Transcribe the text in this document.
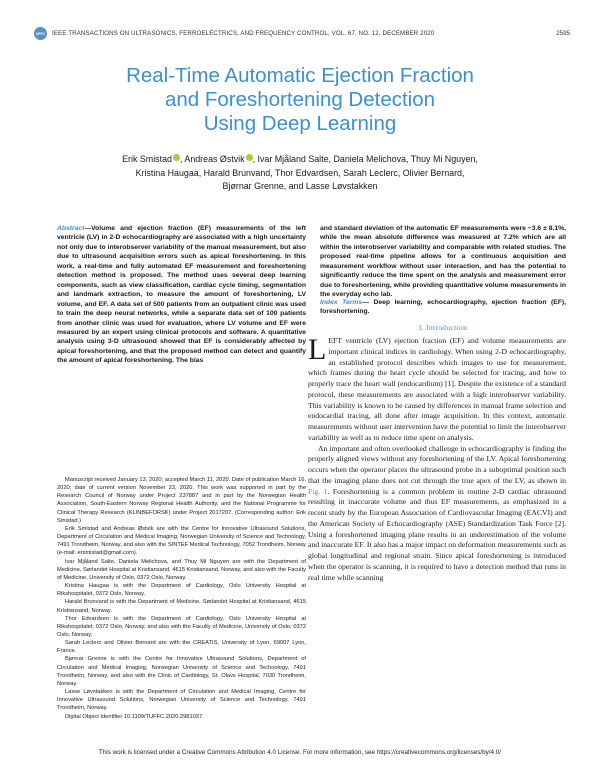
UFFC	IEEE TRANSACTIONS ON ULTRASONICS, FERROELECTRICS, AND FREQUENCY CONTROL, VOL. 67, NO. 12, DECEMBER 2020	2595
Real-Time Automatic Ejection Fraction
and Foreshortening Detection
Using Deep Learning
Erik Smistad , Andreas Østvik , Ivar Mjåland Salte, Daniela Melichova, Thuy Mi Nguyen,
Kristina Haugaa, Harald Brunvand, Thor Edvardsen, Sarah Leclerc, Olivier Bernard,
Bjørnar Grenne, and Lasse Løvstakken
Abstract—Volume and ejection fraction (EF) measurements of the left ventricle (LV) in 2-D echocardiography are associated with a high uncertainty not only due to interobserver variability of the manual measurement, but also due to ultrasound acquisition errors such as apical foreshortening. In this work, a real-time and fully automated EF measurement and foreshortening detection method is proposed. The method uses several deep learning components, such as view classification, cardiac cycle timing, segmentation and landmark extraction, to measure the amount of foreshortening, LV volume, and EF. A data set of 500 patients from an outpatient clinic was used to train the deep neural networks, while a separate data set of 100 patients from another clinic was used for evaluation, where LV volume and EF were measured by an expert using clinical protocols and software. A quantitative analysis using 3-D ultrasound showed that EF is considerably affected by apical foreshortening, and that the proposed method can detect and quantify the amount of apical foreshortening. The bias
and standard deviation of the automatic EF measurements were −3.6 ± 8.1%, while the mean absolute difference was measured at 7.2% which are all within the interobserver variability and comparable with related studies. The proposed real-time pipeline allows for a continuous acquisition and measurement workflow without user interaction, and has the potential to significantly reduce the time spent on the analysis and measurement error due to foreshortening, while providing quantitative volume measurements in the everyday echo lab.
Index Terms— Deep learning, echocardiography, ejection fraction (EF), foreshortening.

Manuscript received January 13, 2020; accepted March 11, 2020. Date of publication March 16, 2020; date of current version November 23, 2020. This work was supported in part by the Research Council of Norway under Project 237887 and in part by the Norwegian Health Association, South-Eastern Norway Regional Health Authority, and the National Programme for Clinical Therapy Research (KLINBEFORSK) under Project 2017207. (Corresponding author: Erik Smistad.)

Erik Smistad and Andreas Østvik are with the Centre for Innovative Ultrasound Solutions, Department of Circulation and Medical Imaging, Norwegian University of Science and Technology, 7491 Trondheim, Norway, and also with the SINTEF Medical Technology, 7052 Trondheim, Norway (e-mail: ersmistad@gmail.com).

Ivar Mjåland Salte, Daniela Melichova, and Thuy Mi Nguyen are with the Department of Medicine, Sørlandet Hospital at Kristiansand, 4615 Kristiansand, Norway, and also with the Faculty of Medicine, University of Oslo, 0372 Oslo, Norway.

Kristina Haugaa is with the Department of Cardiology, Oslo University Hospital at Rikshospitalet, 0372 Oslo, Norway.

Harald Brunvand is with the Department of Medicine, Sørlandet Hospital at Kristiansand, 4615 Kristiansand, Norway.

Thor Edvardsen is with the Department of Cardiology, Oslo University Hospital at Rikshospitalet, 0372 Oslo, Norway, and also with the Faculty of Medicine, University of Oslo, 0372 Oslo, Norway.

Sarah Leclerc and Olivier Bernard are with the CREATIS, University of Lyon, 69007 Lyon, France.

Bjørnar Grenne is with the Centre for Innovative Ultrasound Solutions, Department of Circulation and Medical Imaging, Norwegian University of Science and Technology, 7491 Trondheim, Norway, and also with the Clinic of Cardiology, St. Olavs Hospital, 7030 Trondheim, Norway.

Lasse Løvstakken is with the Department of Circulation and Medical Imaging, Centre for Innovative Ultrasound Solutions, Norwegian University of Science and Technology, 7491 Trondheim, Norway.

Digital Object Identifier 10.1109/TUFFC.2020.2981037

I. Introduction

LEFT ventricle (LV) ejection fraction (EF) and volume measurements are important clinical indices in cardiology. When using 2-D echocardiography, an established protocol describes which images to use for measurement, which frames during the heart cycle should be selected for tracing, and how to properly trace the heart wall (endocardium) [1]. Despite the existence of a standard protocol, these measurements are associated with a high interobserver variability. This variability is known to be caused by differences in manual frame selection and endocardial tracing, all done after image acquisition. In this context, automatic measurements without user intervention have the potential to limit the interobserver variability as well as to reduce time spent on analysis.

An important and often overlooked challenge in echocardiography is finding the properly aligned views without any foreshortening of the LV. Apical foreshortening occurs when the operator places the ultrasound probe in a suboptimal position such that the imaging plane does not cut through the true apex of the LV, as shown in Fig. 1. Foreshortening is a common problem in routine 2-D cardiac ultrasound resulting in inaccurate volume and thus EF measurements, as emphasized in a recent study by the European Association of Cardiovascular Imaging (EACVI) and the American Society of Echocardiography (ASE) Standardization Task Force [2]. Using a foreshortened imaging plane results in an underestimation of the volume and inaccurate EF. It also has a major impact on deformation measurements such as global longitudinal and regional strain. Since apical foreshortening is introduced when the operator is scanning, it is required to have a detection method that runs in real time while scanning

This work is licensed under a Creative Commons Attribution 4.0 License. For more information, see https://creativecommons.org/licenses/by/4.0/
